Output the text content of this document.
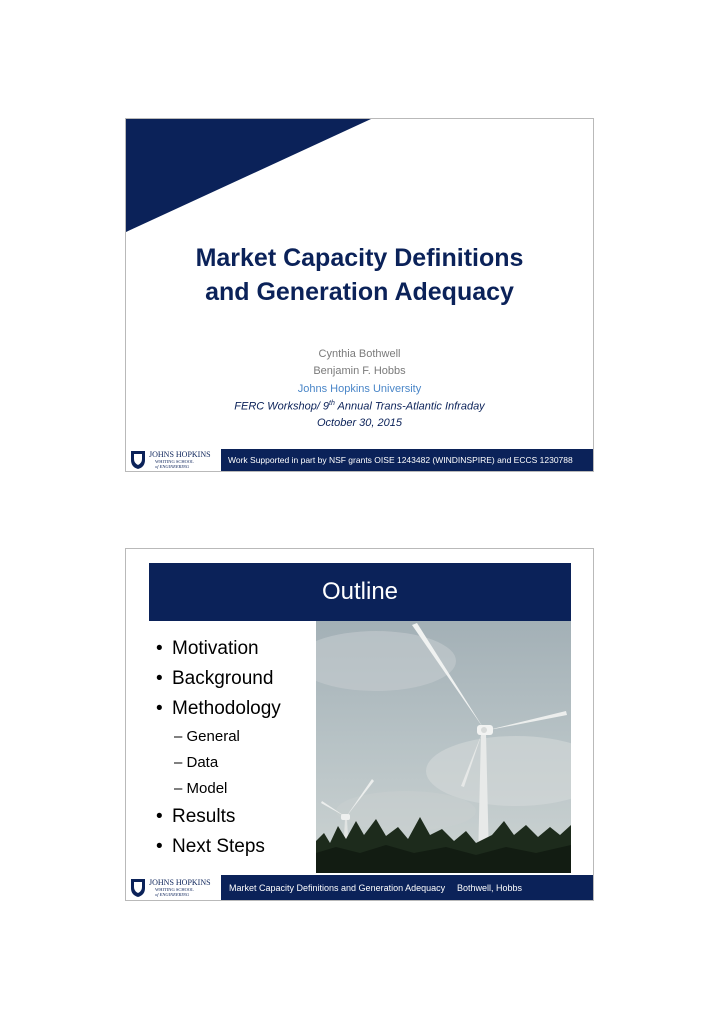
Market Capacity Definitions
and Generation Adequacy
Cynthia Bothwell
Benjamin F. Hobbs
Johns Hopkins University
FERC Workshop/ 9th Annual Trans-Atlantic Infraday
October 30, 2015
JOHNS HOPKINS
WHITING SCHOOL
of ENGINEERING
Work Supported in part by NSF grants OISE 1243482 (WINDINSPIRE) and ECCS 1230788
Outline
• Motivation
• Background
• Methodology
– General
– Data
– Model
• Results
• Next Steps
JOHNS HOPKINS
WHITING SCHOOL
of ENGINEERING
Market Capacity Definitions and Generation Adequacy Bothwell, Hobbs
